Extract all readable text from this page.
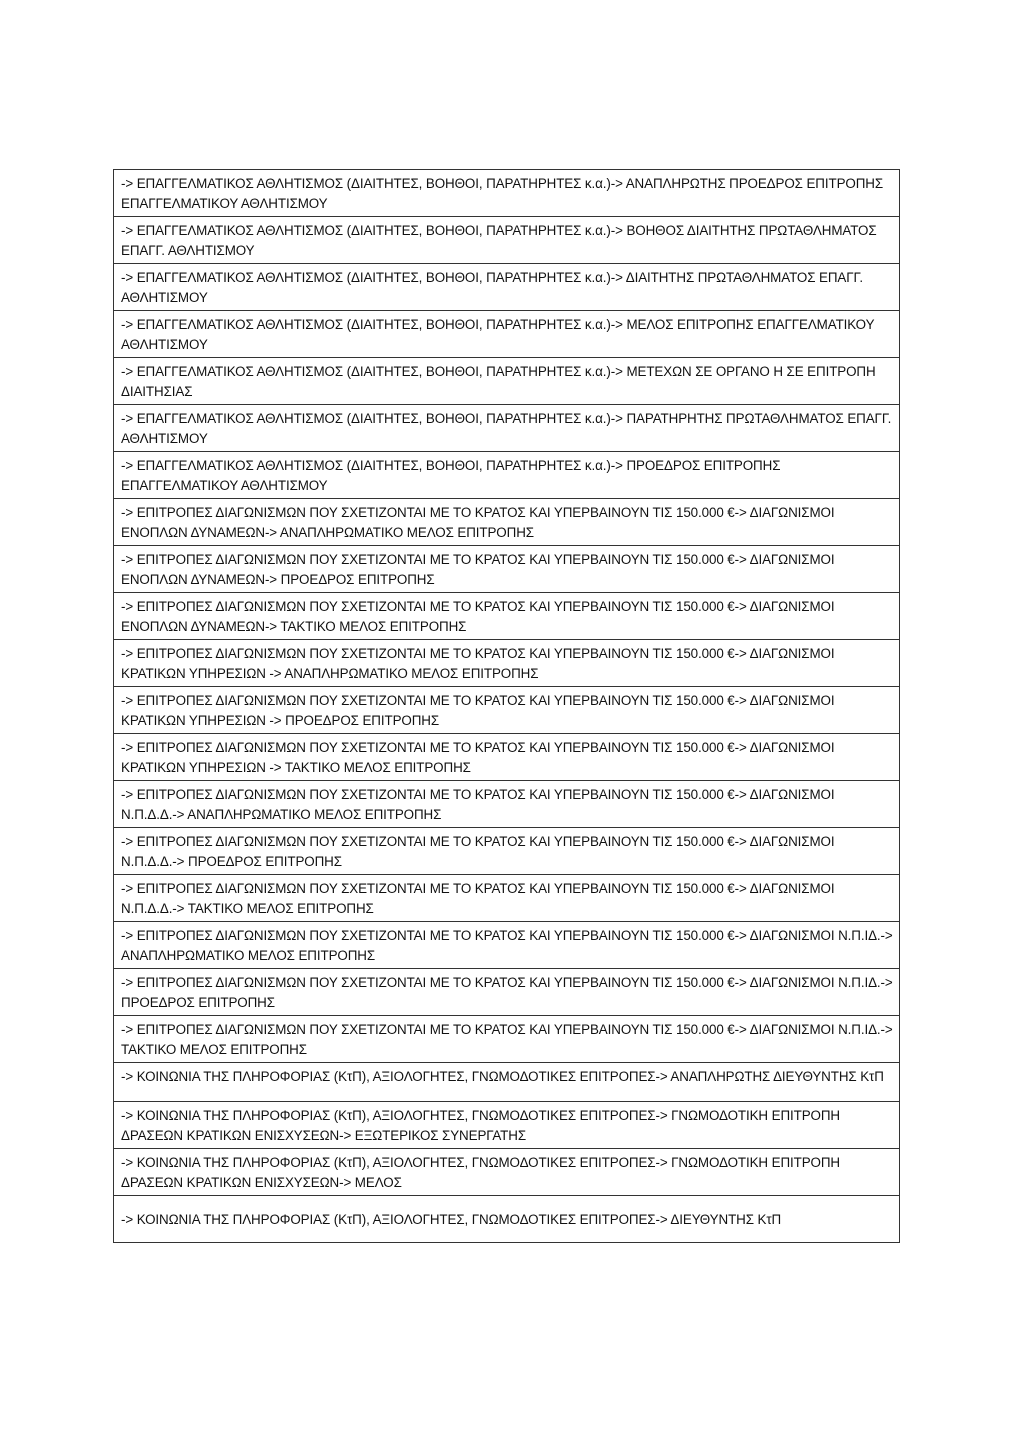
-> ΕΠΑΓΓΕΛΜΑΤΙΚΟΣ ΑΘΛΗΤΙΣΜΟΣ (ΔΙΑΙΤΗΤΕΣ, ΒΟΗΘΟΙ, ΠΑΡΑΤΗΡΗΤΕΣ κ.α.)-> ΑΝΑΠΛΗΡΩΤΗΣ ΠΡΟΕΔΡΟΣ ΕΠΙΤΡΟΠΗΣ ΕΠΑΓΓΕΛΜΑΤΙΚΟΥ ΑΘΛΗΤΙΣΜΟΥ
-> ΕΠΑΓΓΕΛΜΑΤΙΚΟΣ ΑΘΛΗΤΙΣΜΟΣ (ΔΙΑΙΤΗΤΕΣ, ΒΟΗΘΟΙ, ΠΑΡΑΤΗΡΗΤΕΣ κ.α.)-> ΒΟΗΘΟΣ ΔΙΑΙΤΗΤΗΣ ΠΡΩΤΑΘΛΗΜΑΤΟΣ ΕΠΑΓΓ. ΑΘΛΗΤΙΣΜΟΥ
-> ΕΠΑΓΓΕΛΜΑΤΙΚΟΣ ΑΘΛΗΤΙΣΜΟΣ (ΔΙΑΙΤΗΤΕΣ, ΒΟΗΘΟΙ, ΠΑΡΑΤΗΡΗΤΕΣ κ.α.)-> ΔΙΑΙΤΗΤΗΣ ΠΡΩΤΑΘΛΗΜΑΤΟΣ ΕΠΑΓΓ. ΑΘΛΗΤΙΣΜΟΥ
-> ΕΠΑΓΓΕΛΜΑΤΙΚΟΣ ΑΘΛΗΤΙΣΜΟΣ (ΔΙΑΙΤΗΤΕΣ, ΒΟΗΘΟΙ, ΠΑΡΑΤΗΡΗΤΕΣ κ.α.)-> ΜΕΛΟΣ ΕΠΙΤΡΟΠΗΣ ΕΠΑΓΓΕΛΜΑΤΙΚΟΥ ΑΘΛΗΤΙΣΜΟΥ
-> ΕΠΑΓΓΕΛΜΑΤΙΚΟΣ ΑΘΛΗΤΙΣΜΟΣ (ΔΙΑΙΤΗΤΕΣ, ΒΟΗΘΟΙ, ΠΑΡΑΤΗΡΗΤΕΣ κ.α.)-> ΜΕΤΕΧΩΝ ΣΕ ΟΡΓΑΝΟ Η ΣΕ ΕΠΙΤΡΟΠΗ ΔΙΑΙΤΗΣΙΑΣ
-> ΕΠΑΓΓΕΛΜΑΤΙΚΟΣ ΑΘΛΗΤΙΣΜΟΣ (ΔΙΑΙΤΗΤΕΣ, ΒΟΗΘΟΙ, ΠΑΡΑΤΗΡΗΤΕΣ κ.α.)-> ΠΑΡΑΤΗΡΗΤΗΣ ΠΡΩΤΑΘΛΗΜΑΤΟΣ ΕΠΑΓΓ. ΑΘΛΗΤΙΣΜΟΥ
-> ΕΠΑΓΓΕΛΜΑΤΙΚΟΣ ΑΘΛΗΤΙΣΜΟΣ (ΔΙΑΙΤΗΤΕΣ, ΒΟΗΘΟΙ, ΠΑΡΑΤΗΡΗΤΕΣ κ.α.)-> ΠΡΟΕΔΡΟΣ ΕΠΙΤΡΟΠΗΣ ΕΠΑΓΓΕΛΜΑΤΙΚΟΥ ΑΘΛΗΤΙΣΜΟΥ
-> ΕΠΙΤΡΟΠΕΣ ΔΙΑΓΩΝΙΣΜΩΝ ΠΟΥ ΣΧΕΤΙΖΟΝΤΑΙ ΜΕ ΤΟ ΚΡΑΤΟΣ ΚΑΙ ΥΠΕΡΒΑΙΝΟΥΝ ΤΙΣ 150.000 €-> ΔΙΑΓΩΝΙΣΜΟΙ ΕΝΟΠΛΩΝ ΔΥΝΑΜΕΩΝ-> ΑΝΑΠΛΗΡΩΜΑΤΙΚΟ ΜΕΛΟΣ ΕΠΙΤΡΟΠΗΣ
-> ΕΠΙΤΡΟΠΕΣ ΔΙΑΓΩΝΙΣΜΩΝ ΠΟΥ ΣΧΕΤΙΖΟΝΤΑΙ ΜΕ ΤΟ ΚΡΑΤΟΣ ΚΑΙ ΥΠΕΡΒΑΙΝΟΥΝ ΤΙΣ 150.000 €-> ΔΙΑΓΩΝΙΣΜΟΙ ΕΝΟΠΛΩΝ ΔΥΝΑΜΕΩΝ-> ΠΡΟΕΔΡΟΣ ΕΠΙΤΡΟΠΗΣ
-> ΕΠΙΤΡΟΠΕΣ ΔΙΑΓΩΝΙΣΜΩΝ ΠΟΥ ΣΧΕΤΙΖΟΝΤΑΙ ΜΕ ΤΟ ΚΡΑΤΟΣ ΚΑΙ ΥΠΕΡΒΑΙΝΟΥΝ ΤΙΣ 150.000 €-> ΔΙΑΓΩΝΙΣΜΟΙ ΕΝΟΠΛΩΝ ΔΥΝΑΜΕΩΝ-> ΤΑΚΤΙΚΟ ΜΕΛΟΣ ΕΠΙΤΡΟΠΗΣ
-> ΕΠΙΤΡΟΠΕΣ ΔΙΑΓΩΝΙΣΜΩΝ ΠΟΥ ΣΧΕΤΙΖΟΝΤΑΙ ΜΕ ΤΟ ΚΡΑΤΟΣ ΚΑΙ ΥΠΕΡΒΑΙΝΟΥΝ ΤΙΣ 150.000 €-> ΔΙΑΓΩΝΙΣΜΟΙ ΚΡΑΤΙΚΩΝ ΥΠΗΡΕΣΙΩΝ -> ΑΝΑΠΛΗΡΩΜΑΤΙΚΟ ΜΕΛΟΣ ΕΠΙΤΡΟΠΗΣ
-> ΕΠΙΤΡΟΠΕΣ ΔΙΑΓΩΝΙΣΜΩΝ ΠΟΥ ΣΧΕΤΙΖΟΝΤΑΙ ΜΕ ΤΟ ΚΡΑΤΟΣ ΚΑΙ ΥΠΕΡΒΑΙΝΟΥΝ ΤΙΣ 150.000 €-> ΔΙΑΓΩΝΙΣΜΟΙ ΚΡΑΤΙΚΩΝ ΥΠΗΡΕΣΙΩΝ -> ΠΡΟΕΔΡΟΣ ΕΠΙΤΡΟΠΗΣ
-> ΕΠΙΤΡΟΠΕΣ ΔΙΑΓΩΝΙΣΜΩΝ ΠΟΥ ΣΧΕΤΙΖΟΝΤΑΙ ΜΕ ΤΟ ΚΡΑΤΟΣ ΚΑΙ ΥΠΕΡΒΑΙΝΟΥΝ ΤΙΣ 150.000 €-> ΔΙΑΓΩΝΙΣΜΟΙ ΚΡΑΤΙΚΩΝ ΥΠΗΡΕΣΙΩΝ -> ΤΑΚΤΙΚΟ ΜΕΛΟΣ ΕΠΙΤΡΟΠΗΣ
-> ΕΠΙΤΡΟΠΕΣ ΔΙΑΓΩΝΙΣΜΩΝ ΠΟΥ ΣΧΕΤΙΖΟΝΤΑΙ ΜΕ ΤΟ ΚΡΑΤΟΣ ΚΑΙ ΥΠΕΡΒΑΙΝΟΥΝ ΤΙΣ 150.000 €-> ΔΙΑΓΩΝΙΣΜΟΙ Ν.Π.Δ.Δ.-> ΑΝΑΠΛΗΡΩΜΑΤΙΚΟ ΜΕΛΟΣ ΕΠΙΤΡΟΠΗΣ
-> ΕΠΙΤΡΟΠΕΣ ΔΙΑΓΩΝΙΣΜΩΝ ΠΟΥ ΣΧΕΤΙΖΟΝΤΑΙ ΜΕ ΤΟ ΚΡΑΤΟΣ ΚΑΙ ΥΠΕΡΒΑΙΝΟΥΝ ΤΙΣ 150.000 €-> ΔΙΑΓΩΝΙΣΜΟΙ Ν.Π.Δ.Δ.-> ΠΡΟΕΔΡΟΣ ΕΠΙΤΡΟΠΗΣ
-> ΕΠΙΤΡΟΠΕΣ ΔΙΑΓΩΝΙΣΜΩΝ ΠΟΥ ΣΧΕΤΙΖΟΝΤΑΙ ΜΕ ΤΟ ΚΡΑΤΟΣ ΚΑΙ ΥΠΕΡΒΑΙΝΟΥΝ ΤΙΣ 150.000 €-> ΔΙΑΓΩΝΙΣΜΟΙ Ν.Π.Δ.Δ.-> ΤΑΚΤΙΚΟ ΜΕΛΟΣ ΕΠΙΤΡΟΠΗΣ
-> ΕΠΙΤΡΟΠΕΣ ΔΙΑΓΩΝΙΣΜΩΝ ΠΟΥ ΣΧΕΤΙΖΟΝΤΑΙ ΜΕ ΤΟ ΚΡΑΤΟΣ ΚΑΙ ΥΠΕΡΒΑΙΝΟΥΝ ΤΙΣ 150.000 €-> ΔΙΑΓΩΝΙΣΜΟΙ Ν.Π.ΙΔ.-> ΑΝΑΠΛΗΡΩΜΑΤΙΚΟ ΜΕΛΟΣ ΕΠΙΤΡΟΠΗΣ
-> ΕΠΙΤΡΟΠΕΣ ΔΙΑΓΩΝΙΣΜΩΝ ΠΟΥ ΣΧΕΤΙΖΟΝΤΑΙ ΜΕ ΤΟ ΚΡΑΤΟΣ ΚΑΙ ΥΠΕΡΒΑΙΝΟΥΝ ΤΙΣ 150.000 €-> ΔΙΑΓΩΝΙΣΜΟΙ Ν.Π.ΙΔ.-> ΠΡΟΕΔΡΟΣ ΕΠΙΤΡΟΠΗΣ
-> ΕΠΙΤΡΟΠΕΣ ΔΙΑΓΩΝΙΣΜΩΝ ΠΟΥ ΣΧΕΤΙΖΟΝΤΑΙ ΜΕ ΤΟ ΚΡΑΤΟΣ ΚΑΙ ΥΠΕΡΒΑΙΝΟΥΝ ΤΙΣ 150.000 €-> ΔΙΑΓΩΝΙΣΜΟΙ Ν.Π.ΙΔ.-> ΤΑΚΤΙΚΟ ΜΕΛΟΣ ΕΠΙΤΡΟΠΗΣ
-> ΚΟΙΝΩΝΙΑ ΤΗΣ ΠΛΗΡΟΦΟΡΙΑΣ (ΚτΠ), ΑΞΙΟΛΟΓΗΤΕΣ, ΓΝΩΜΟΔΟΤΙΚΕΣ ΕΠΙΤΡΟΠΕΣ-> ΑΝΑΠΛΗΡΩΤΗΣ ΔΙΕΥΘΥΝΤΗΣ ΚτΠ
-> ΚΟΙΝΩΝΙΑ ΤΗΣ ΠΛΗΡΟΦΟΡΙΑΣ (ΚτΠ), ΑΞΙΟΛΟΓΗΤΕΣ, ΓΝΩΜΟΔΟΤΙΚΕΣ ΕΠΙΤΡΟΠΕΣ-> ΓΝΩΜΟΔΟΤΙΚΗ ΕΠΙΤΡΟΠΗ ΔΡΑΣΕΩΝ ΚΡΑΤΙΚΩΝ ΕΝΙΣΧΥΣΕΩΝ-> ΕΞΩΤΕΡΙΚΟΣ ΣΥΝΕΡΓΑΤΗΣ
-> ΚΟΙΝΩΝΙΑ ΤΗΣ ΠΛΗΡΟΦΟΡΙΑΣ (ΚτΠ), ΑΞΙΟΛΟΓΗΤΕΣ, ΓΝΩΜΟΔΟΤΙΚΕΣ ΕΠΙΤΡΟΠΕΣ-> ΓΝΩΜΟΔΟΤΙΚΗ ΕΠΙΤΡΟΠΗ ΔΡΑΣΕΩΝ ΚΡΑΤΙΚΩΝ ΕΝΙΣΧΥΣΕΩΝ-> ΜΕΛΟΣ
-> ΚΟΙΝΩΝΙΑ ΤΗΣ ΠΛΗΡΟΦΟΡΙΑΣ (ΚτΠ), ΑΞΙΟΛΟΓΗΤΕΣ, ΓΝΩΜΟΔΟΤΙΚΕΣ ΕΠΙΤΡΟΠΕΣ-> ΔΙΕΥΘΥΝΤΗΣ ΚτΠ
